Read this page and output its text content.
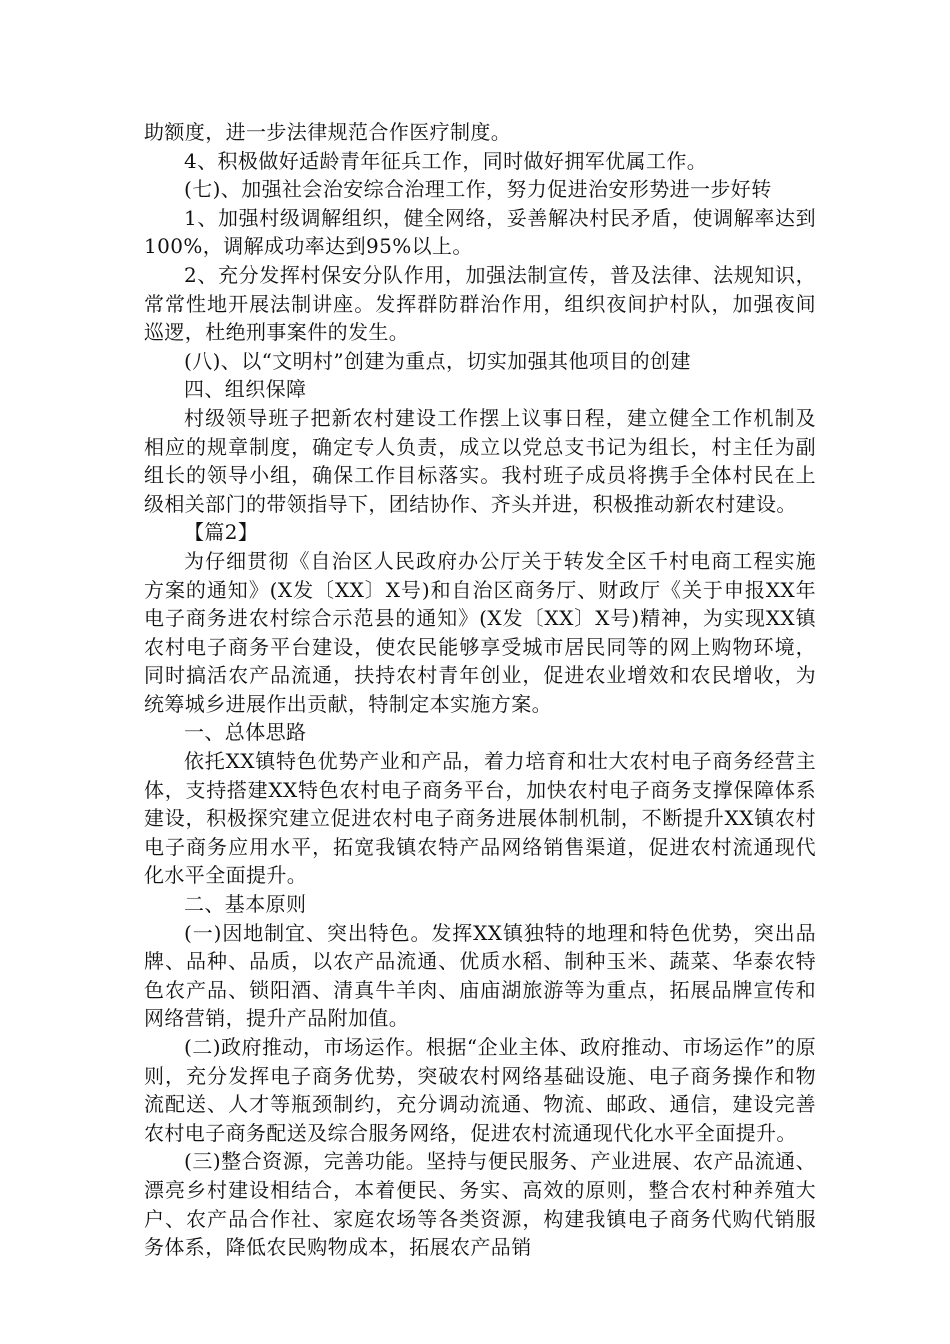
助额度，进一步法律规范合作医疗制度。

4、积极做好适龄青年征兵工作，同时做好拥军优属工作。

(七)、加强社会治安综合治理工作，努力促进治安形势进一步好转

1、加强村级调解组织，健全网络，妥善解决村民矛盾，使调解率达到100%，调解成功率达到95%以上。

2、充分发挥村保安分队作用，加强法制宣传，普及法律、法规知识，常常性地开展法制讲座。发挥群防群治作用，组织夜间护村队，加强夜间巡逻，杜绝刑事案件的发生。

(八)、以“文明村”创建为重点，切实加强其他项目的创建

四、组织保障

村级领导班子把新农村建设工作摆上议事日程，建立健全工作机制及相应的规章制度，确定专人负责，成立以党总支书记为组长，村主任为副组长的领导小组，确保工作目标落实。我村班子成员将携手全体村民在上级相关部门的带领指导下，团结协作、齐头并进，积极推动新农村建设。

【篇2】

为仔细贯彻《自治区人民政府办公厅关于转发全区千村电商工程实施方案的通知》(X发〔XX〕X号)和自治区商务厅、财政厅《关于申报XX年电子商务进农村综合示范县的通知》(X发〔XX〕X号)精神，为实现XX镇农村电子商务平台建设，使农民能够享受城市居民同等的网上购物环境，同时搞活农产品流通，扶持农村青年创业，促进农业增效和农民增收，为统筹城乡进展作出贡献，特制定本实施方案。

一、总体思路

依托XX镇特色优势产业和产品，着力培育和壮大农村电子商务经营主体，支持搭建XX特色农村电子商务平台，加快农村电子商务支撑保障体系建设，积极探究建立促进农村电子商务进展体制机制，不断提升XX镇农村电子商务应用水平，拓宽我镇农特产品网络销售渠道，促进农村流通现代化水平全面提升。

二、基本原则

(一)因地制宜、突出特色。发挥XX镇独特的地理和特色优势，突出品牌、品种、品质，以农产品流通、优质水稻、制种玉米、蔬菜、华泰农特色农产品、锁阳酒、清真牛羊肉、庙庙湖旅游等为重点，拓展品牌宣传和网络营销，提升产品附加值。

(二)政府推动，市场运作。根据“企业主体、政府推动、市场运作”的原则，充分发挥电子商务优势，突破农村网络基础设施、电子商务操作和物流配送、人才等瓶颈制约，充分调动流通、物流、邮政、通信，建设完善农村电子商务配送及综合服务网络，促进农村流通现代化水平全面提升。

(三)整合资源，完善功能。坚持与便民服务、产业进展、农产品流通、漂亮乡村建设相结合，本着便民、务实、高效的原则，整合农村种养殖大户、农产品合作社、家庭农场等各类资源，构建我镇电子商务代购代销服务体系，降低农民购物成本，拓展农产品销
